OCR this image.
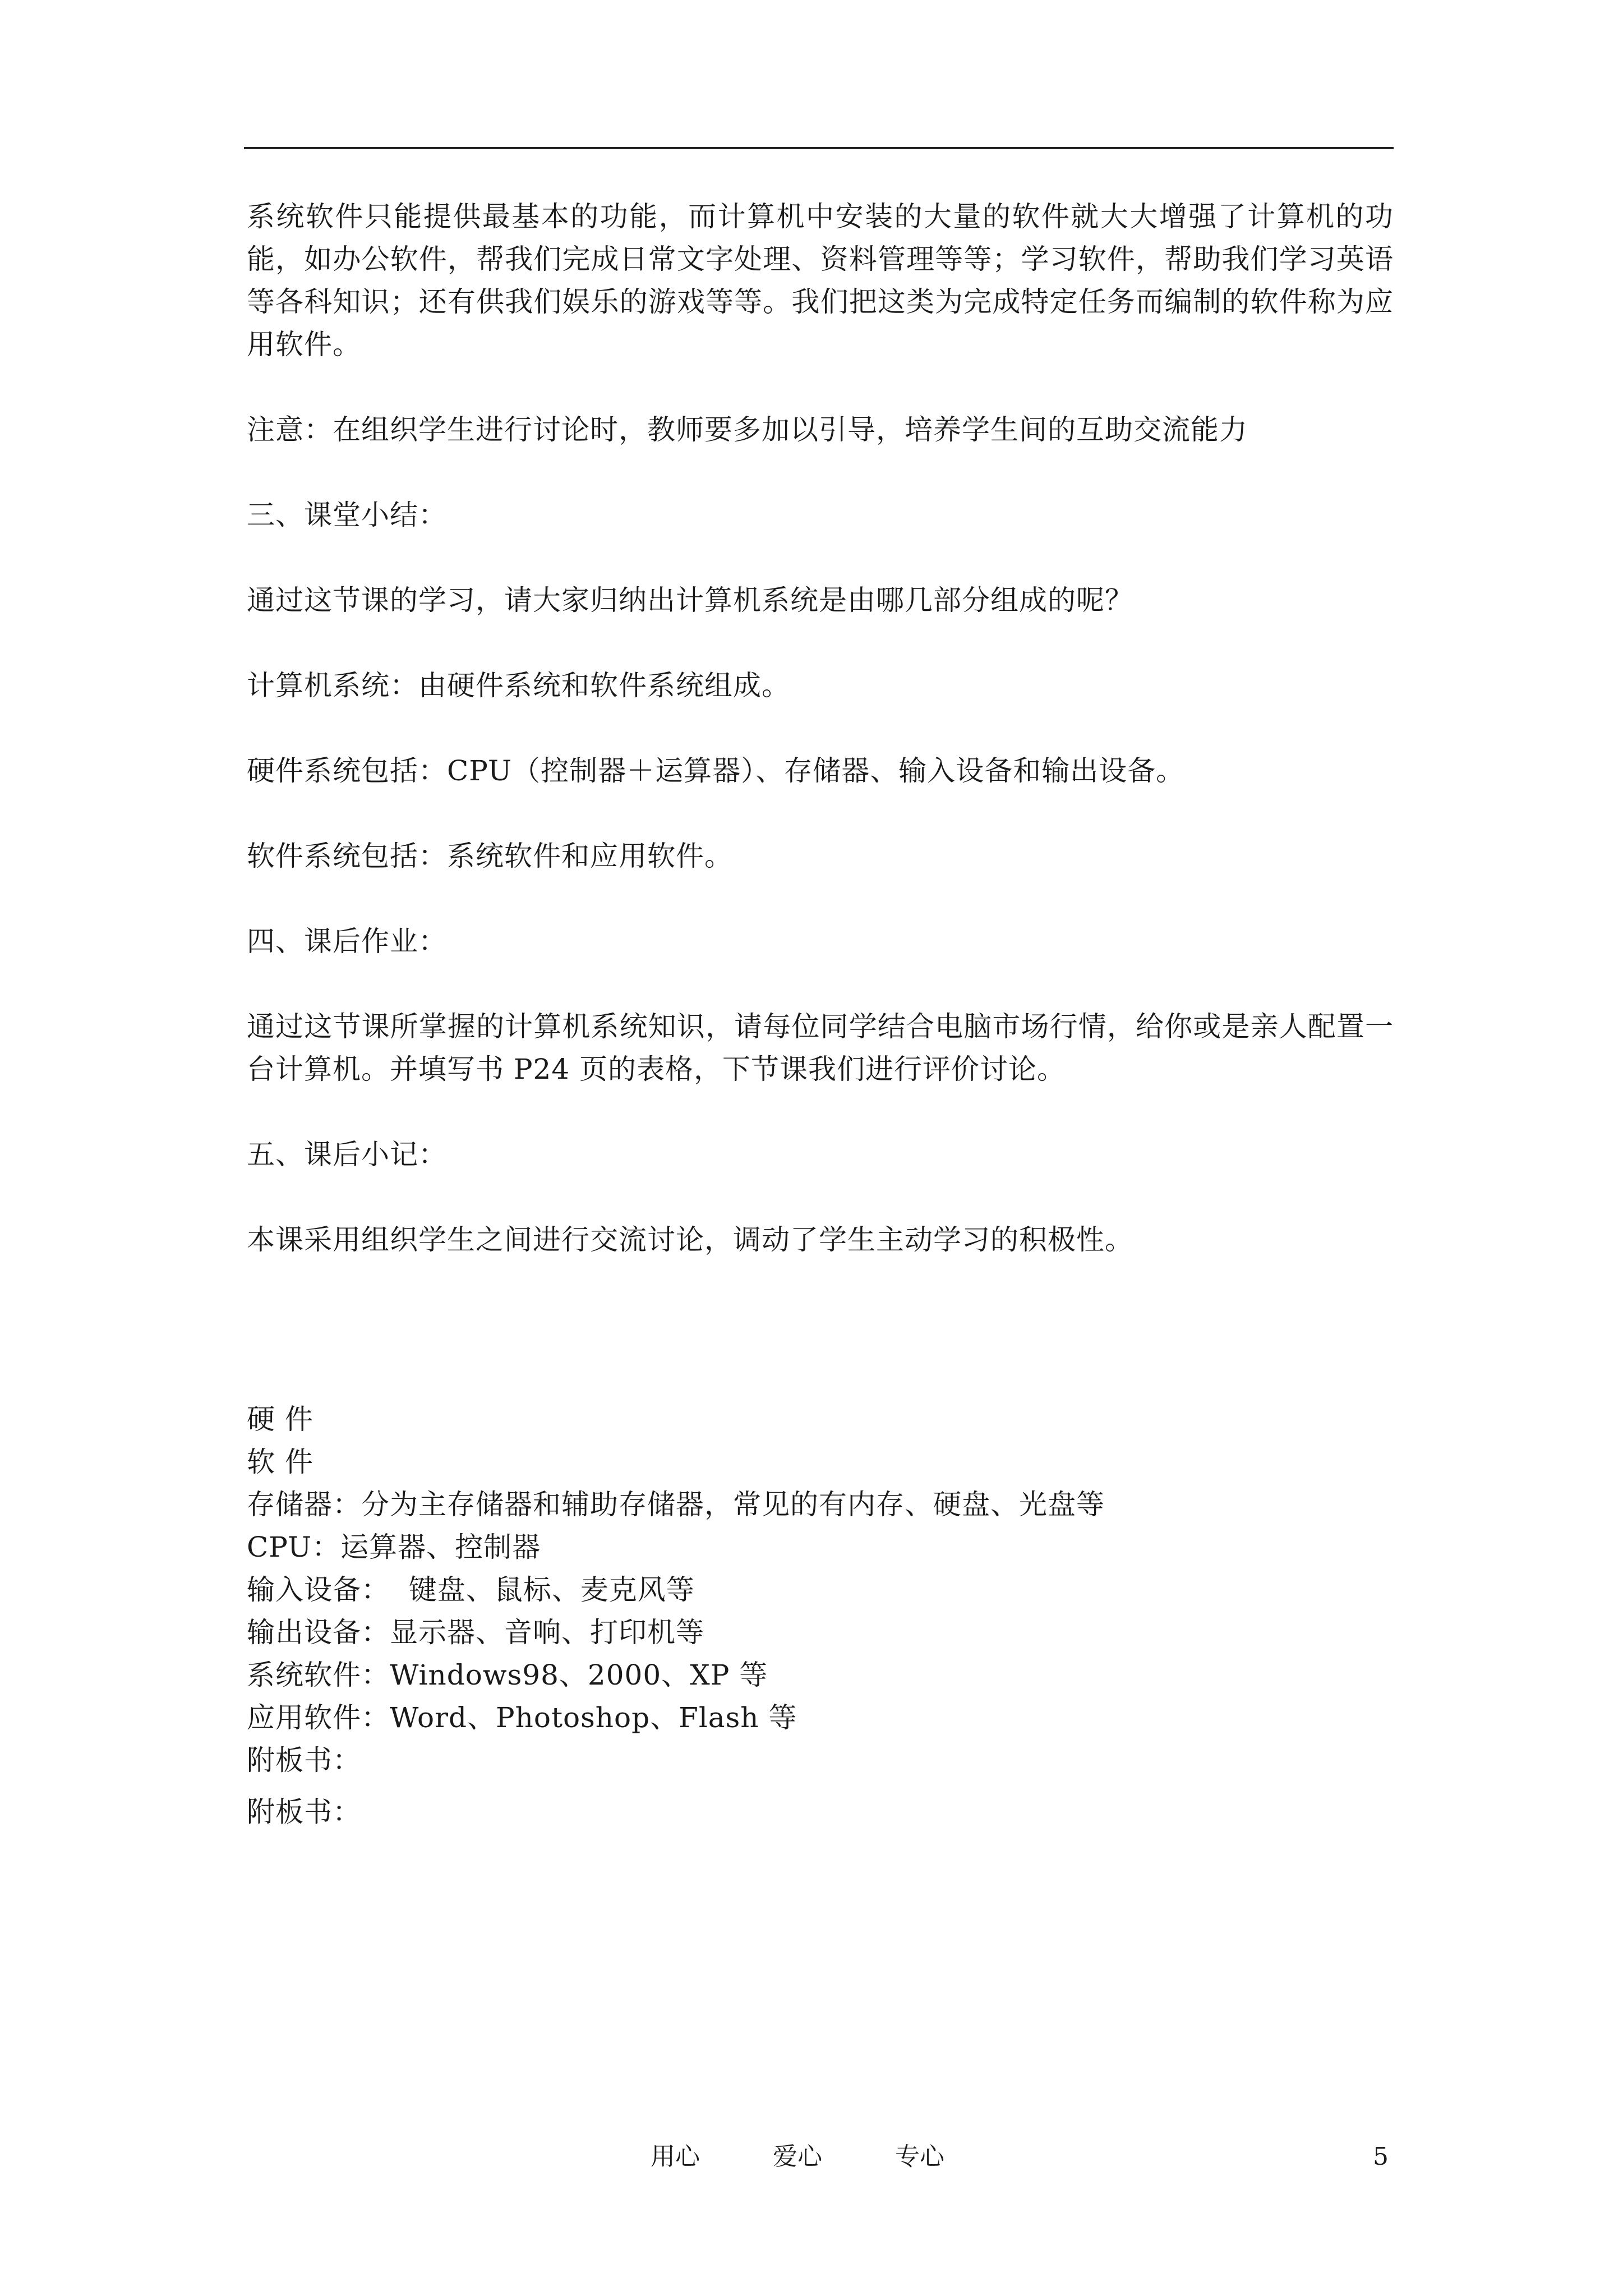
系统软件只能提供最基本的功能，而计算机中安装的大量的软件就大大增强了计算机的功能，如办公软件，帮我们完成日常文字处理、资料管理等等；学习软件，帮助我们学习英语等各科知识；还有供我们娱乐的游戏等等。我们把这类为完成特定任务而编制的软件称为应用软件。

注意：在组织学生进行讨论时，教师要多加以引导，培养学生间的互助交流能力

三、课堂小结：

通过这节课的学习，请大家归纳出计算机系统是由哪几部分组成的呢？

计算机系统：由硬件系统和软件系统组成。

硬件系统包括：CPU（控制器＋运算器）、存储器、输入设备和输出设备。

软件系统包括：系统软件和应用软件。

四、课后作业：

通过这节课所掌握的计算机系统知识，请每位同学结合电脑市场行情，给你或是亲人配置一台计算机。并填写书 P24 页的表格，下节课我们进行评价讨论。

五、课后小记：

本课采用组织学生之间进行交流讨论，调动了学生主动学习的积极性。

硬 件

软 件

存储器：分为主存储器和辅助存储器，常见的有内存、硬盘、光盘等

CPU：运算器、控制器

输入设备：  键盘、鼠标、麦克风等

输出设备：显示器、音响、打印机等

系统软件：Windows98、2000、XP 等

应用软件：Word、Photoshop、Flash 等

附板书：

附板书：

用心	爱心	专心	5
